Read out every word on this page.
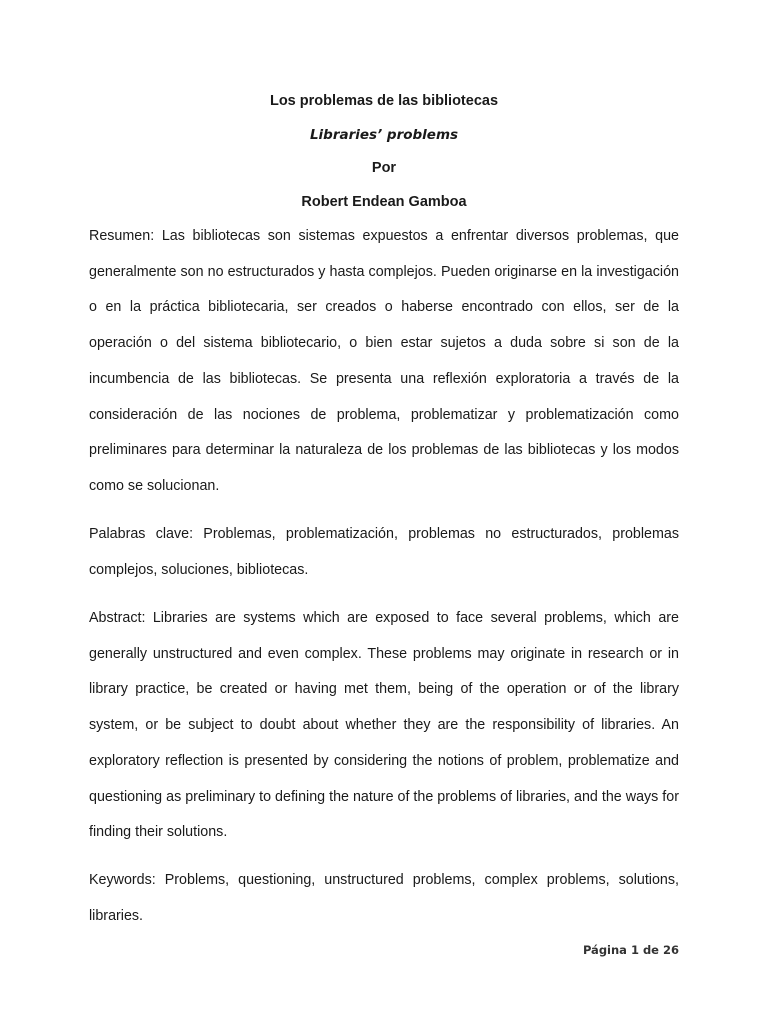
Los problemas de las bibliotecas
Libraries’ problems
Por
Robert Endean Gamboa

Resumen: Las bibliotecas son sistemas expuestos a enfrentar diversos problemas, que generalmente son no estructurados y hasta complejos. Pueden originarse en la investigación o en la práctica bibliotecaria, ser creados o haberse encontrado con ellos, ser de la operación o del sistema bibliotecario, o bien estar sujetos a duda sobre si son de la incumbencia de las bibliotecas. Se presenta una reflexión exploratoria a través de la consideración de las nociones de problema, problematizar y problematización como preliminares para determinar la naturaleza de los problemas de las bibliotecas y los modos como se solucionan.

Palabras clave: Problemas, problematización, problemas no estructurados, problemas complejos, soluciones, bibliotecas.

Abstract: Libraries are systems which are exposed to face several problems, which are generally unstructured and even complex. These problems may originate in research or in library practice, be created or having met them, being of the operation or of the library system, or be subject to doubt about whether they are the responsibility of libraries. An exploratory reflection is presented by considering the notions of problem, problematize and questioning as preliminary to defining the nature of the problems of libraries, and the ways for finding their solutions.

Keywords: Problems, questioning, unstructured problems, complex problems, solutions, libraries.

Página 1 de 26
